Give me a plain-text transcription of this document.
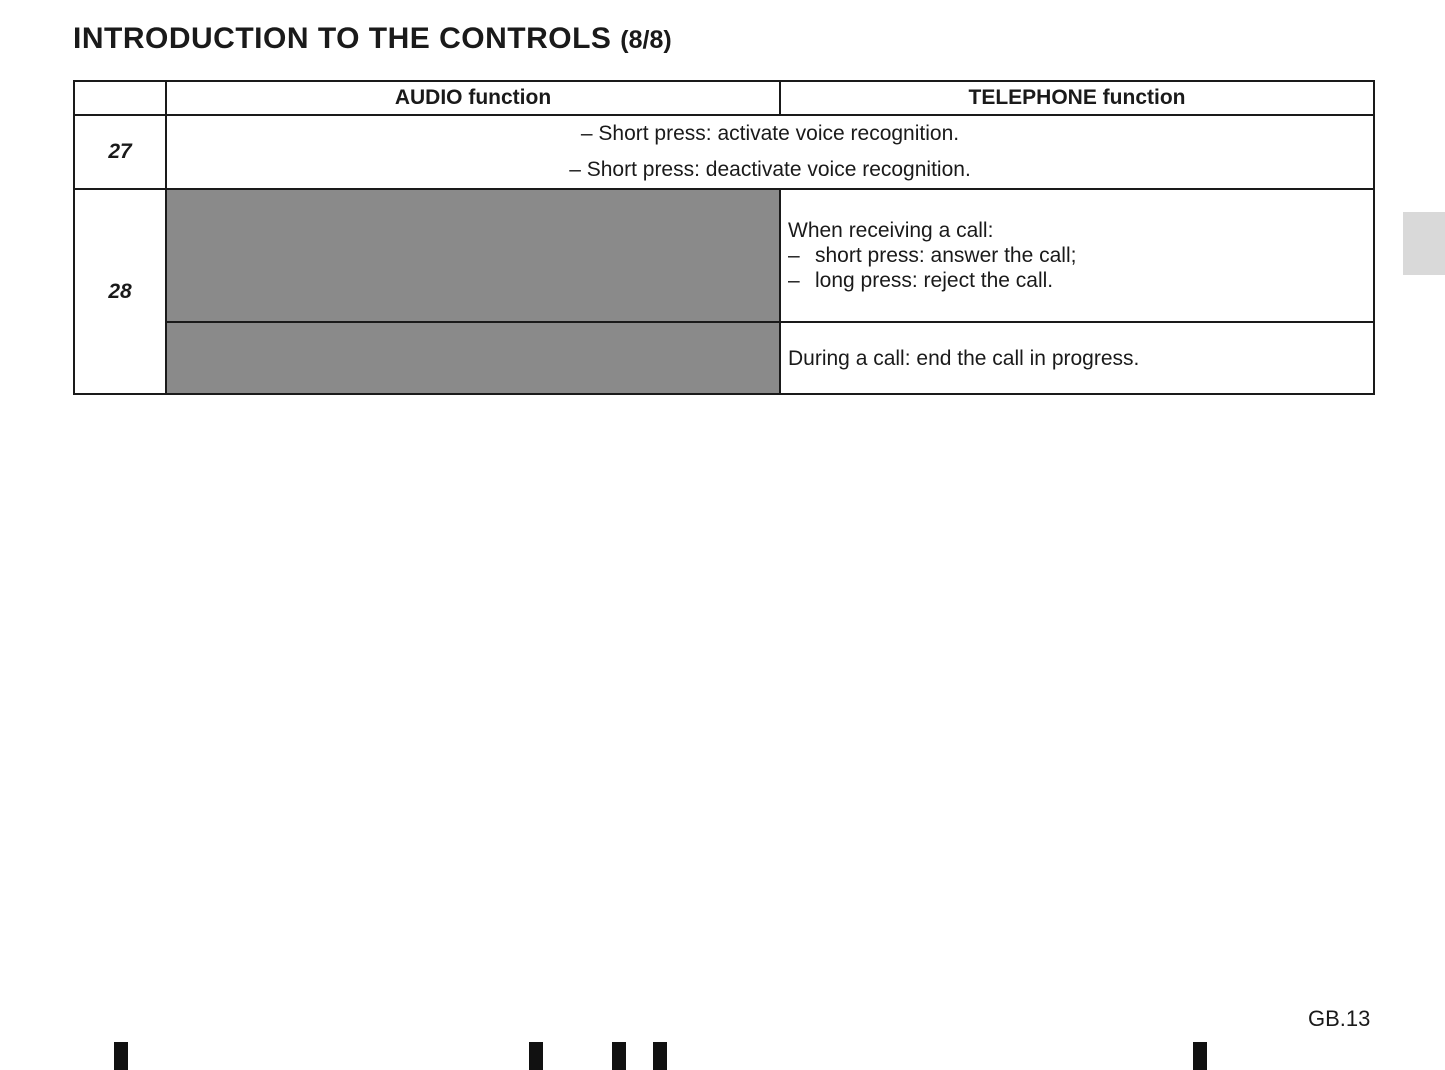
INTRODUCTION TO THE CONTROLS (8/8)
	AUDIO function	TELEPHONE function
27	– Short press: activate voice recognition.
– Short press: deactivate voice recognition.	

28		When receiving a call:
– short press: answer the call;
– long press: reject the call.

		During a call: end the call in progress.
GB.13
